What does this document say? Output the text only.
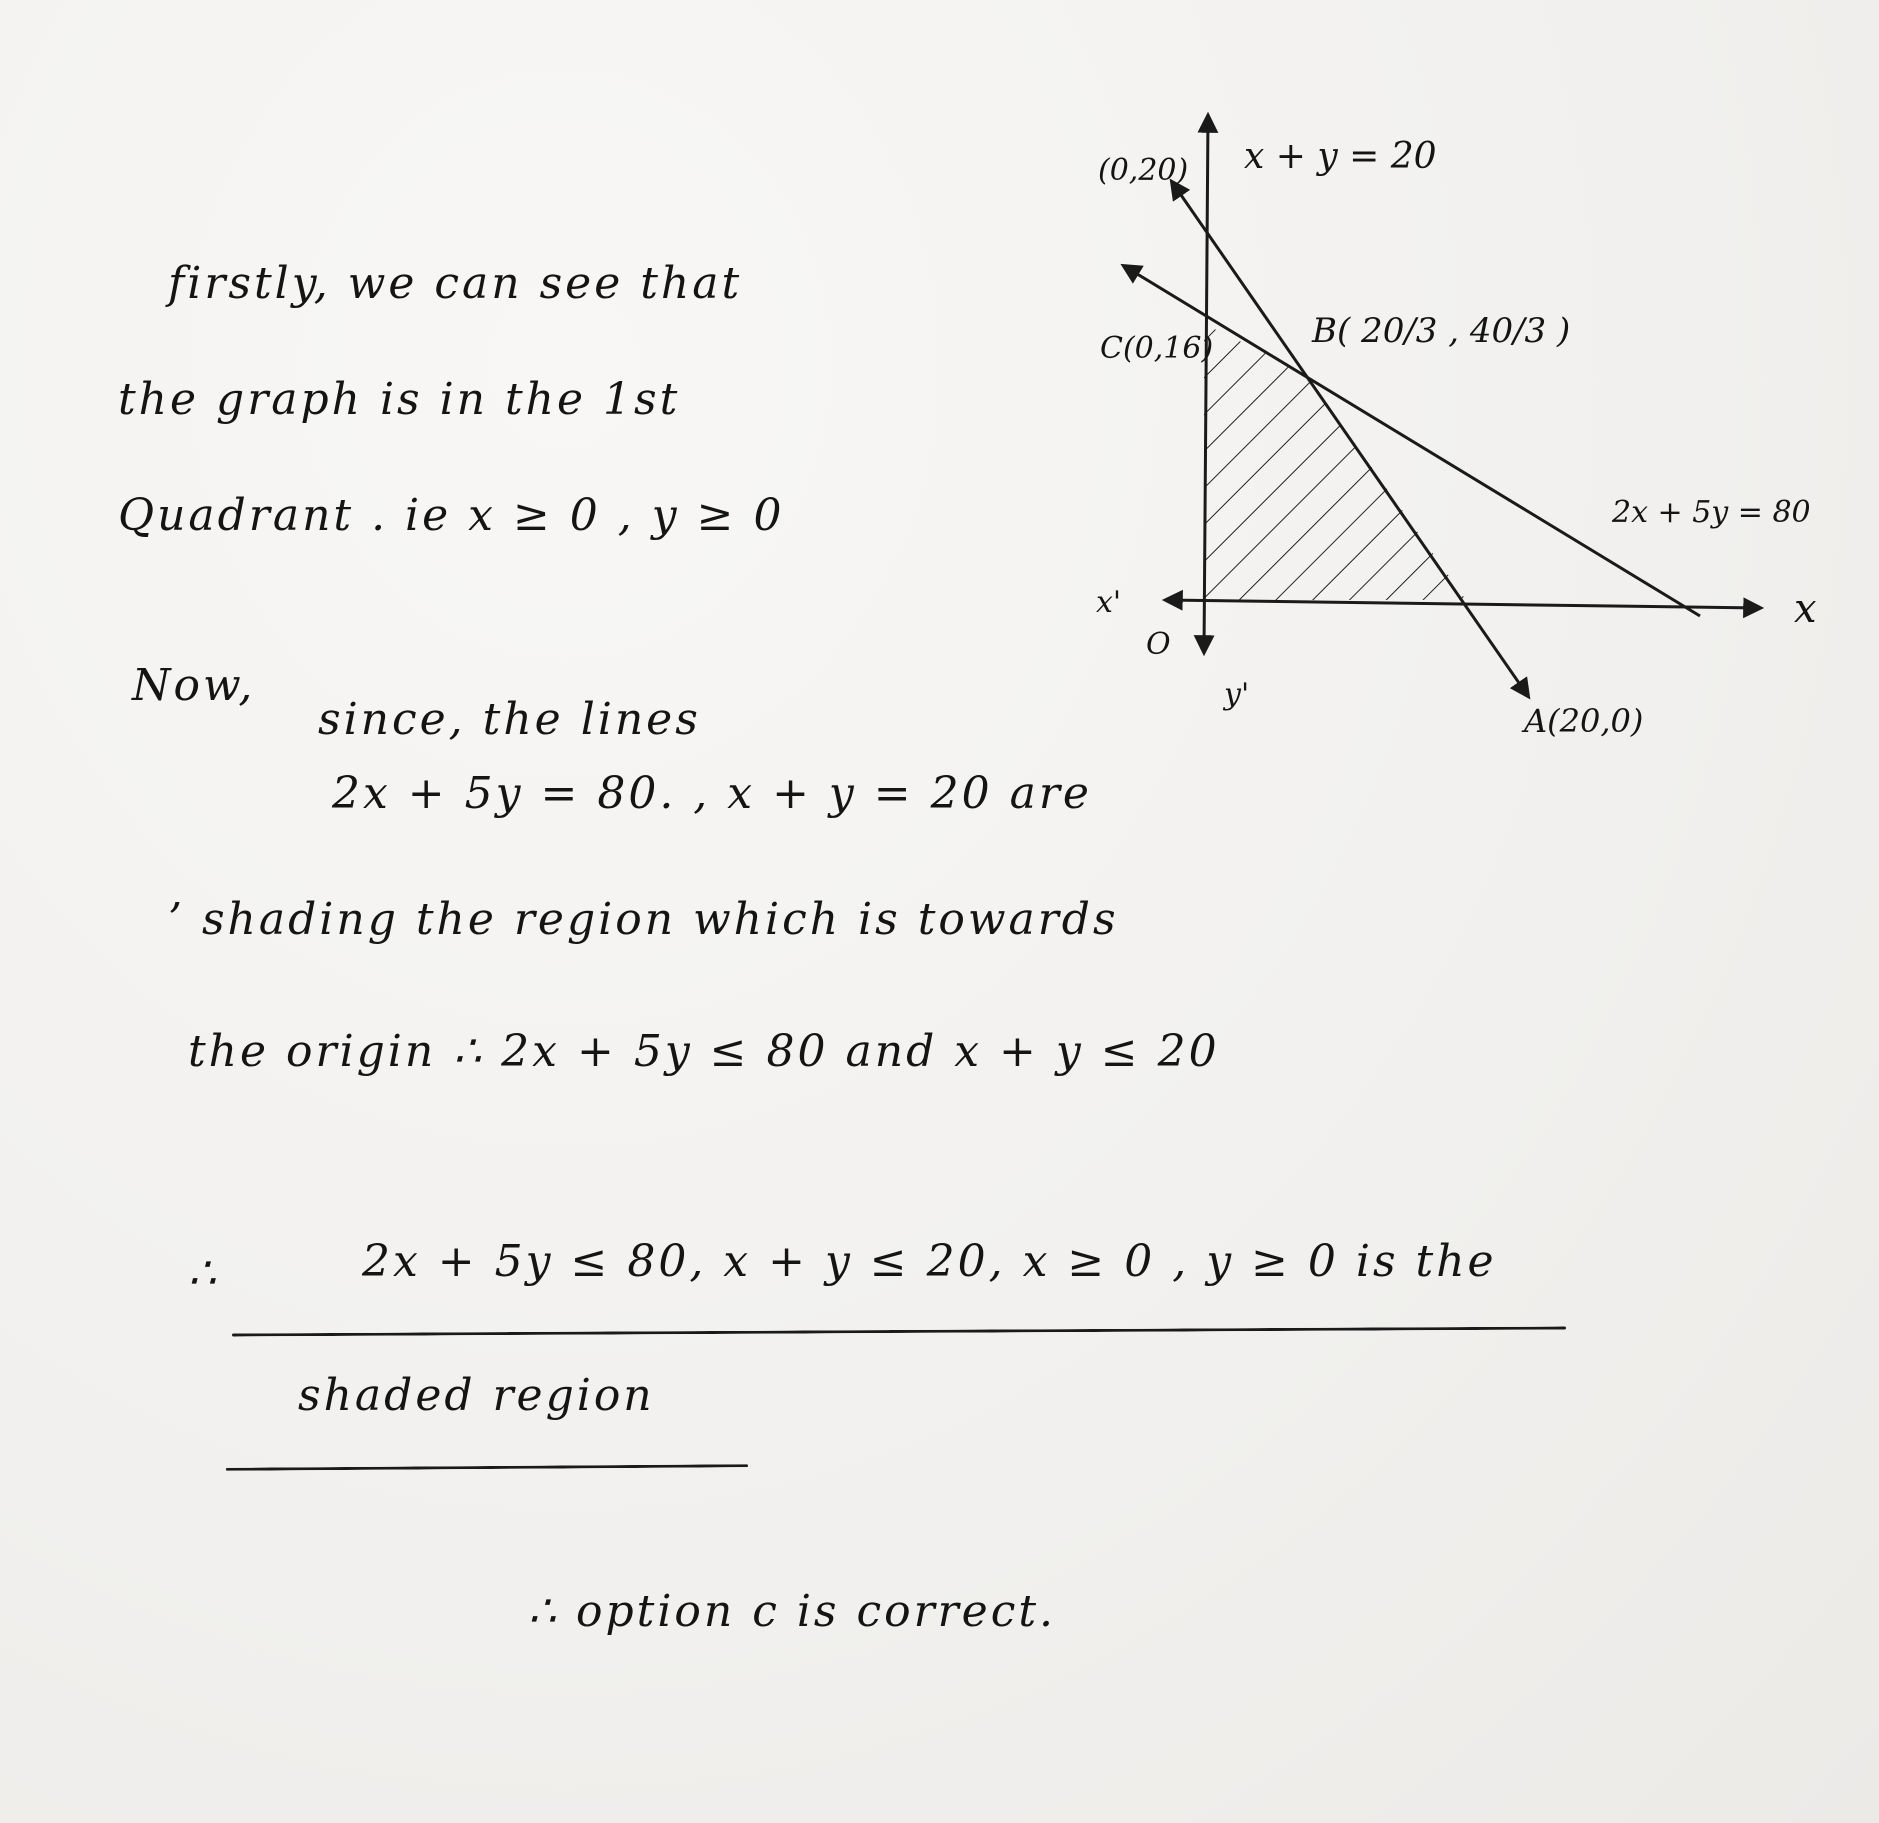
firstly, we can see that
the graph is in the 1st
Quadrant . ie x ≥ 0 , y ≥ 0
Now,
since, the lines
2x + 5y = 80. , x + y = 20 are
’ shading the region which is towards
the origin ∴ 2x + 5y ≤ 80 and x + y ≤ 20
∴	2x + 5y ≤ 80, x + y ≤ 20, x ≥ 0 , y ≥ 0 is the
shaded region
∴ option c is correct.
(0,20) x + y = 20
C(0,16)	B( 20/3 , 40/3 )
2x + 5y = 80
x'
O
y'
x
A(20,0)
